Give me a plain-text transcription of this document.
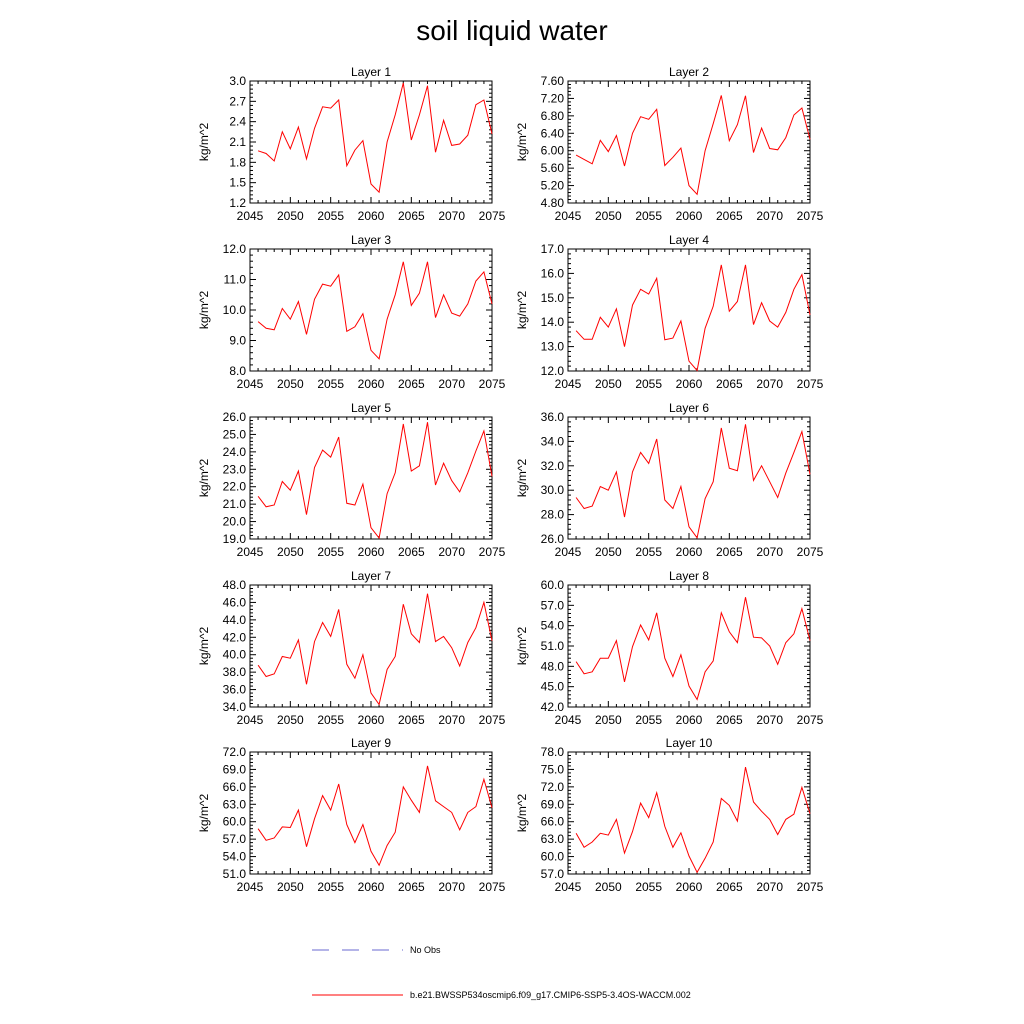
soil liquid water
2045 2050 2055 2060 2065 2070 2075
1.2
1.5
1.8
2.1
2.4
2.7
3.0
Layer 1
kg/m^2
2045 2050 2055 2060 2065 2070 2075
4.80
5.20
5.60
6.00
6.40
6.80
7.20
7.60
Layer 2
kg/m^2
2045 2050 2055 2060 2065 2070 2075
8.0
9.0
10.0
11.0
12.0
Layer 3
kg/m^2
2045 2050 2055 2060 2065 2070 2075
12.0
13.0
14.0
15.0
16.0
17.0
Layer 4
kg/m^2
2045 2050 2055 2060 2065 2070 2075
19.0
20.0
21.0
22.0
23.0
24.0
25.0
26.0
Layer 5
kg/m^2
2045 2050 2055 2060 2065 2070 2075
26.0
28.0
30.0
32.0
34.0
36.0
Layer 6
kg/m^2
2045 2050 2055 2060 2065 2070 2075
34.0
36.0
38.0
40.0
42.0
44.0
46.0
48.0
Layer 7
kg/m^2
2045 2050 2055 2060 2065 2070 2075
42.0
45.0
48.0
51.0
54.0
57.0
60.0
Layer 8
kg/m^2
2045 2050 2055 2060 2065 2070 2075
51.0
54.0
57.0
60.0
63.0
66.0
69.0
72.0
Layer 9
kg/m^2
2045 2050 2055 2060 2065 2070 2075
57.0
60.0
63.0
66.0
69.0
72.0
75.0
78.0
Layer 10
kg/m^2
No Obs
b.e21.BWSSP534oscmip6.f09_g17.CMIP6-SSP5-3.4OS-WACCM.002
